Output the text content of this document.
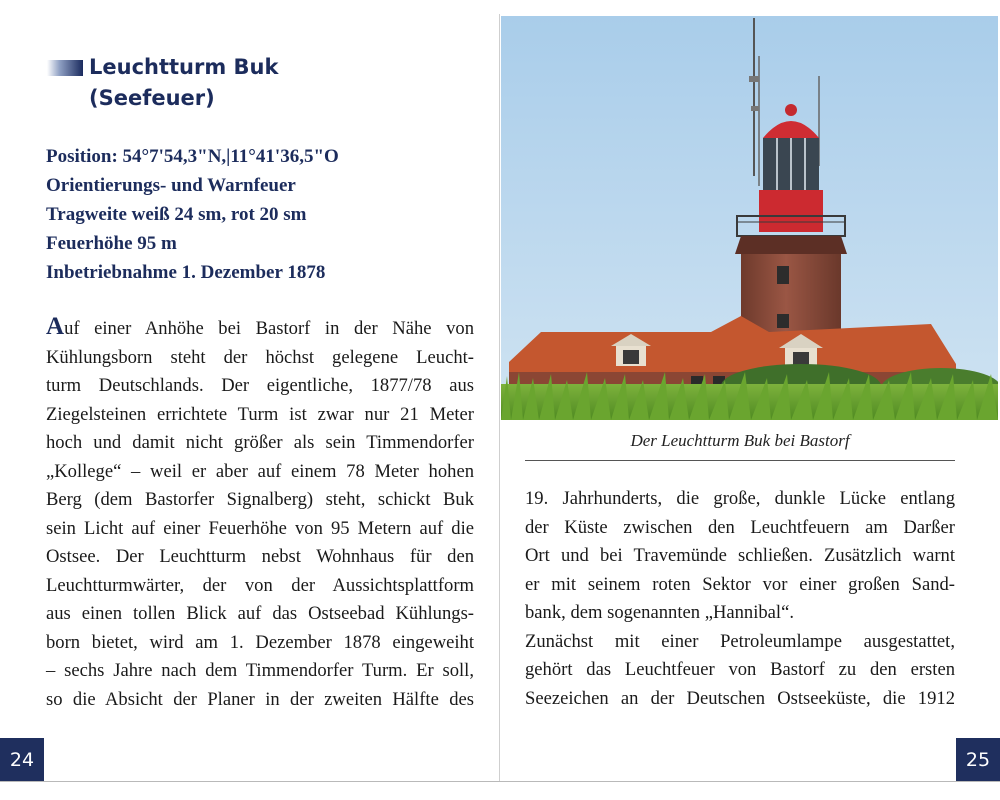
Leuchtturm Buk
(Seefeuer)
Position: 54°7'54,3"N,|11°41'36,5"O
Orientierungs- und Warnfeuer
Tragweite weiß 24 sm, rot 20 sm
Feuerhöhe 95 m
Inbetriebnahme 1. Dezember 1878
Auf einer Anhöhe bei Bastorf in der Nähe von
Kühlungsborn steht der höchst gelegene Leucht-
turm Deutschlands. Der eigentliche, 1877/78 aus
Ziegelsteinen errichtete Turm ist zwar nur 21 Meter
hoch und damit nicht größer als sein Timmendorfer
„Kollege“ – weil er aber auf einem 78 Meter hohen
Berg (dem Bastorfer Signalberg) steht, schickt Buk
sein Licht auf einer Feuerhöhe von 95 Metern auf die
Ostsee. Der Leuchtturm nebst Wohnhaus für den
Leuchtturmwärter, der von der Aussichtsplattform
aus einen tollen Blick auf das Ostseebad Kühlungs-
born bietet, wird am 1. Dezember 1878 eingeweiht
– sechs Jahre nach dem Timmendorfer Turm. Er soll,
so die Absicht der Planer in der zweiten Hälfte des
24
Der Leuchtturm Buk bei Bastorf
19. Jahrhunderts, die große, dunkle Lücke entlang
der Küste zwischen den Leuchtfeuern am Darßer
Ort und bei Travemünde schließen. Zusätzlich warnt
er mit seinem roten Sektor vor einer großen Sand-
bank, dem sogenannten „Hannibal“.
Zunächst mit einer Petroleumlampe ausgestattet,
gehört das Leuchtfeuer von Bastorf zu den ersten
Seezeichen an der Deutschen Ostseeküste, die 1912
25
